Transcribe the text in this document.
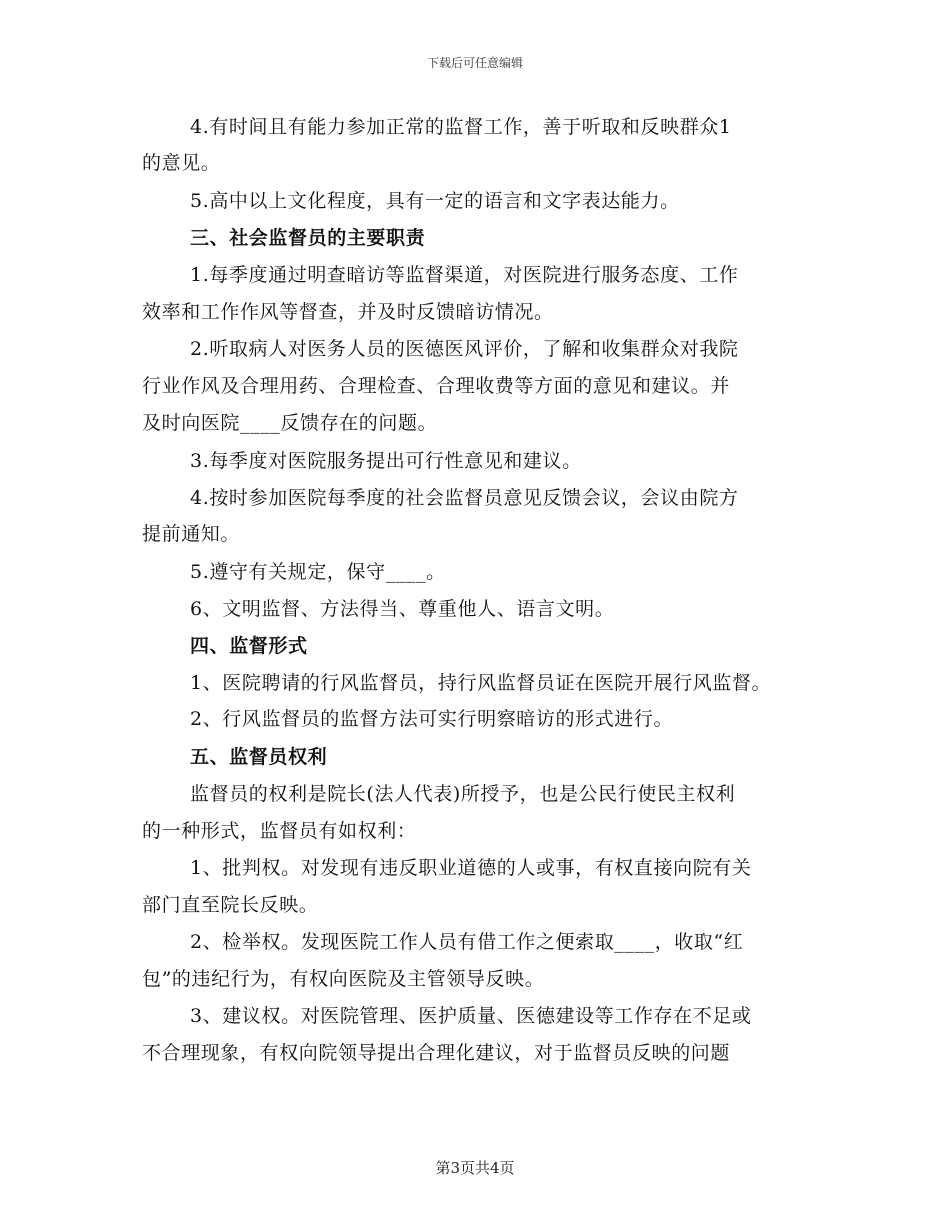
下载后可任意编辑
4.有时间且有能力参加正常的监督工作，善于听取和反映群众1
的意见。
5.高中以上文化程度，具有一定的语言和文字表达能力。
三、社会监督员的主要职责
1.每季度通过明查暗访等监督渠道，对医院进行服务态度、工作
效率和工作作风等督查，并及时反馈暗访情况。
2.听取病人对医务人员的医德医风评价，了解和收集群众对我院
行业作风及合理用药、合理检查、合理收费等方面的意见和建议。并
及时向医院____反馈存在的问题。
3.每季度对医院服务提出可行性意见和建议。
4.按时参加医院每季度的社会监督员意见反馈会议，会议由院方
提前通知。
5.遵守有关规定，保守____。
6、文明监督、方法得当、尊重他人、语言文明。
四、监督形式
1、医院聘请的行风监督员，持行风监督员证在医院开展行风监督。
2、行风监督员的监督方法可实行明察暗访的形式进行。
五、监督员权利
监督员的权利是院长(法人代表)所授予，也是公民行使民主权利
的一种形式，监督员有如权利：
1、批判权。对发现有违反职业道德的人或事，有权直接向院有关
部门直至院长反映。
2、检举权。发现医院工作人员有借工作之便索取____，收取“红
包”的违纪行为，有权向医院及主管领导反映。
3、建议权。对医院管理、医护质量、医德建设等工作存在不足或
不合理现象，有权向院领导提出合理化建议，对于监督员反映的问题
第3页共4页
